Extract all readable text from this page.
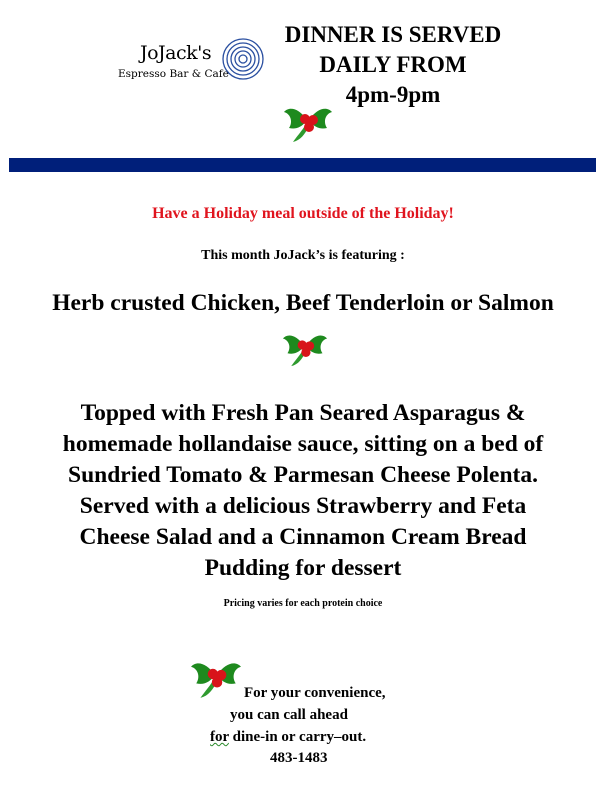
JoJack's
Espresso Bar & Cafe
DINNER IS SERVED
DAILY FROM
4pm-9pm
Have a Holiday meal outside of the Holiday!
This month JoJack’s is featuring :
Herb crusted Chicken, Beef Tenderloin or Salmon
Topped with Fresh Pan Seared Asparagus &
homemade hollandaise sauce, sitting on a bed of
Sundried Tomato & Parmesan Cheese Polenta.
Served with a delicious Strawberry and Feta
Cheese Salad and a Cinnamon Cream Bread
Pudding for dessert
Pricing varies for each protein choice
For your convenience,
you can call ahead
for dine-in or carry–out.
483-1483
